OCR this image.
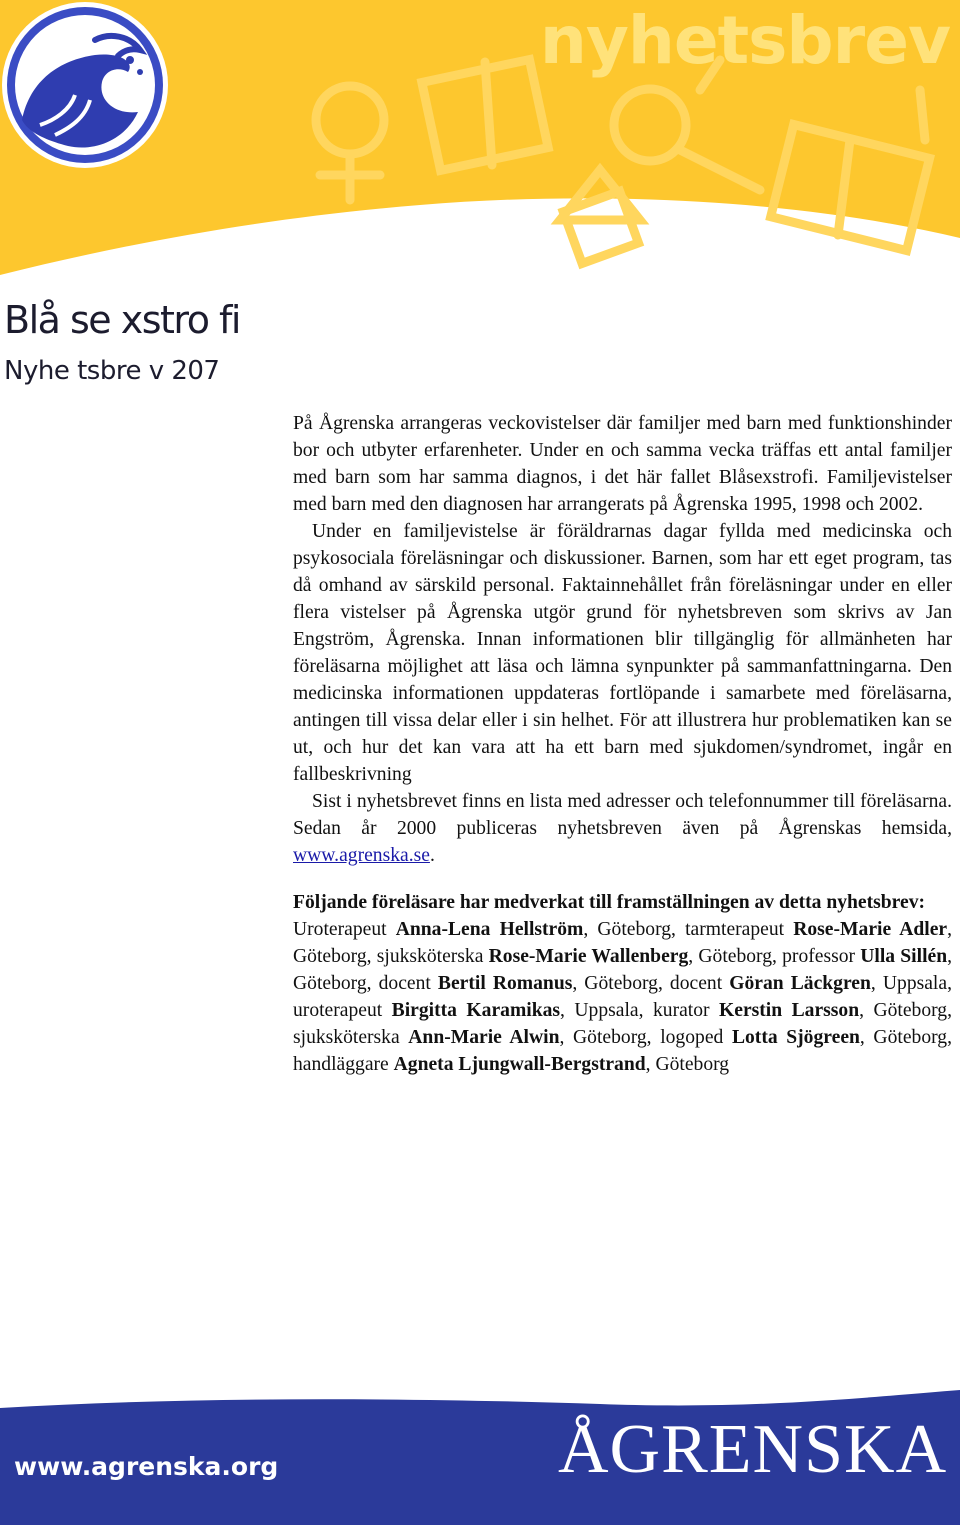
nyhetsbrev
Blå se xstro fi
Nyhe tsbre v 207

På Ågrenska arrangeras veckovistelser där familjer med barn med funktionshinder bor och utbyter erfarenheter. Under en och samma vecka träffas ett antal familjer med barn som har samma diagnos, i det här fallet Blåsexstrofi. Familjevistelser med barn med den diagnosen har arrangerats på Ågrenska 1995, 1998 och 2002.

Under en familjevistelse är föräldrarnas dagar fyllda med medicinska och psykosociala föreläsningar och diskussioner. Barnen, som har ett eget program, tas då omhand av särskild personal. Faktainnehållet från föreläsningar under en eller flera vistelser på Ågrenska utgör grund för nyhetsbreven som skrivs av Jan Engström, Ågrenska. Innan informationen blir tillgänglig för allmänheten har föreläsarna möjlighet att läsa och lämna synpunkter på sammanfattningarna. Den medicinska informationen uppdateras fortlöpande i samarbete med föreläsarna, antingen till vissa delar eller i sin helhet. För att illustrera hur problematiken kan se ut, och hur det kan vara att ha ett barn med sjukdomen/syndromet, ingår en fallbeskrivning

Sist i nyhetsbrevet finns en lista med adresser och telefonnummer till föreläsarna. Sedan år 2000 publiceras nyhetsbreven även på Ågrenskas hemsida, www.agrenska.se.

Följande föreläsare har medverkat till framställningen av detta nyhetsbrev:
Uroterapeut Anna-Lena Hellström, Göteborg, tarmterapeut Rose-Marie Adler, Göteborg, sjuksköterska Rose-Marie Wallenberg, Göteborg, professor Ulla Sillén, Göteborg, docent Bertil Romanus, Göteborg, docent Göran Läckgren, Uppsala, uroterapeut Birgitta Karamikas, Uppsala, kurator Kerstin Larsson, Göteborg, sjuksköterska Ann-Marie Alwin, Göteborg, logoped Lotta Sjögreen, Göteborg, handläggare Agneta Ljungwall-Bergstrand, Göteborg

www.agrenska.org	ÅGRENSKA
